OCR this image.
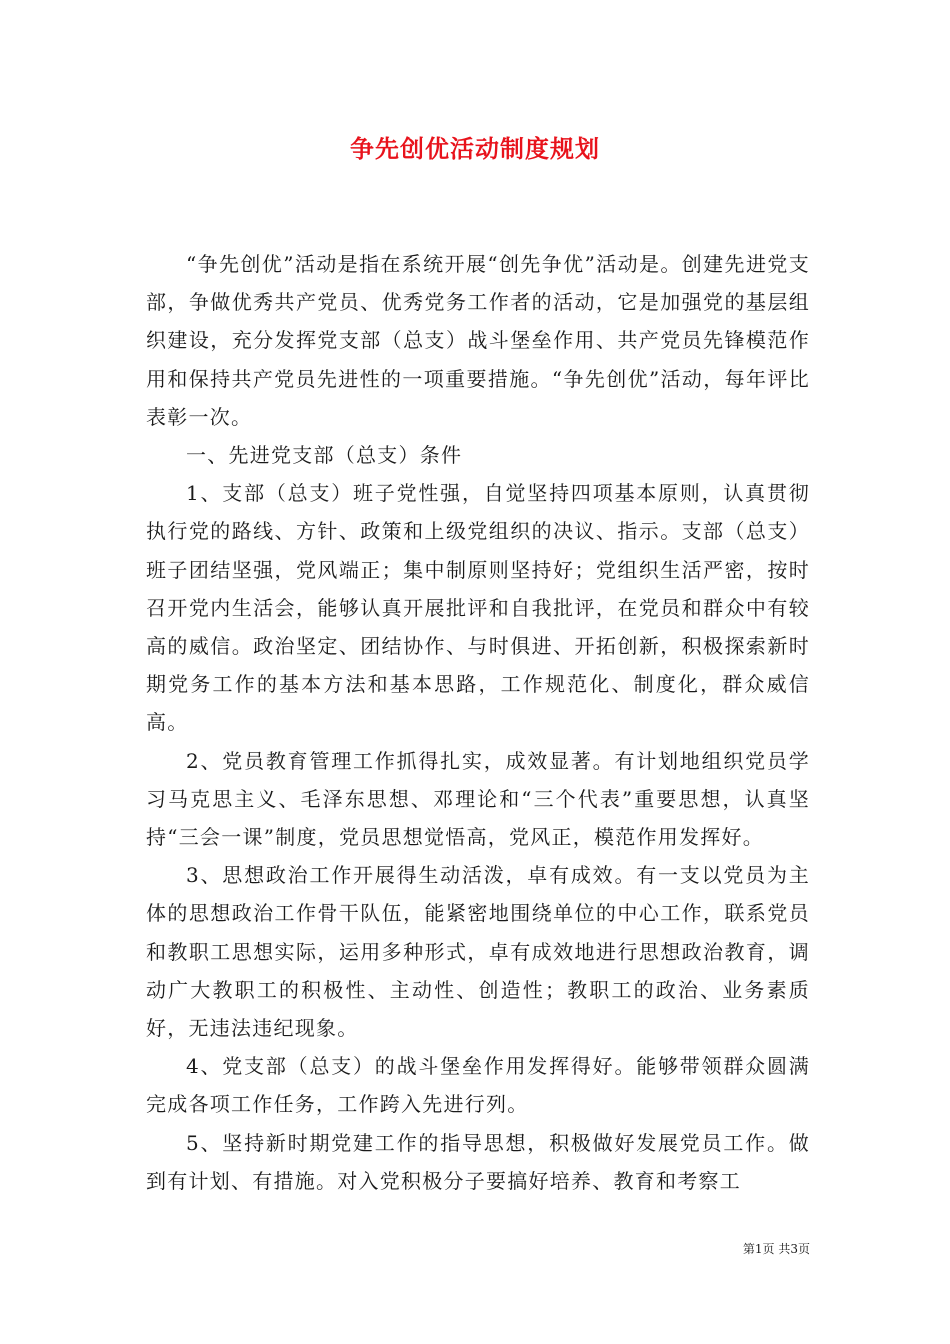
争先创优活动制度规划

“争先创优”活动是指在系统开展“创先争优”活动是。创建先进党支部，争做优秀共产党员、优秀党务工作者的活动，它是加强党的基层组织建设，充分发挥党支部（总支）战斗堡垒作用、共产党员先锋模范作用和保持共产党员先进性的一项重要措施。“争先创优”活动，每年评比表彰一次。

一、先进党支部（总支）条件

1、支部（总支）班子党性强，自觉坚持四项基本原则，认真贯彻执行党的路线、方针、政策和上级党组织的决议、指示。支部（总支）班子团结坚强，党风端正；集中制原则坚持好；党组织生活严密，按时召开党内生活会，能够认真开展批评和自我批评，在党员和群众中有较高的威信。政治坚定、团结协作、与时俱进、开拓创新，积极探索新时期党务工作的基本方法和基本思路，工作规范化、制度化，群众威信高。

2、党员教育管理工作抓得扎实，成效显著。有计划地组织党员学习马克思主义、毛泽东思想、邓理论和“三个代表”重要思想，认真坚持“三会一课”制度，党员思想觉悟高，党风正，模范作用发挥好。

3、思想政治工作开展得生动活泼，卓有成效。有一支以党员为主体的思想政治工作骨干队伍，能紧密地围绕单位的中心工作，联系党员和教职工思想实际，运用多种形式，卓有成效地进行思想政治教育，调动广大教职工的积极性、主动性、创造性；教职工的政治、业务素质好，无违法违纪现象。

4、党支部（总支）的战斗堡垒作用发挥得好。能够带领群众圆满完成各项工作任务，工作跨入先进行列。

5、坚持新时期党建工作的指导思想，积极做好发展党员工作。做到有计划、有措施。对入党积极分子要搞好培养、教育和考察工

第1页 共3页
